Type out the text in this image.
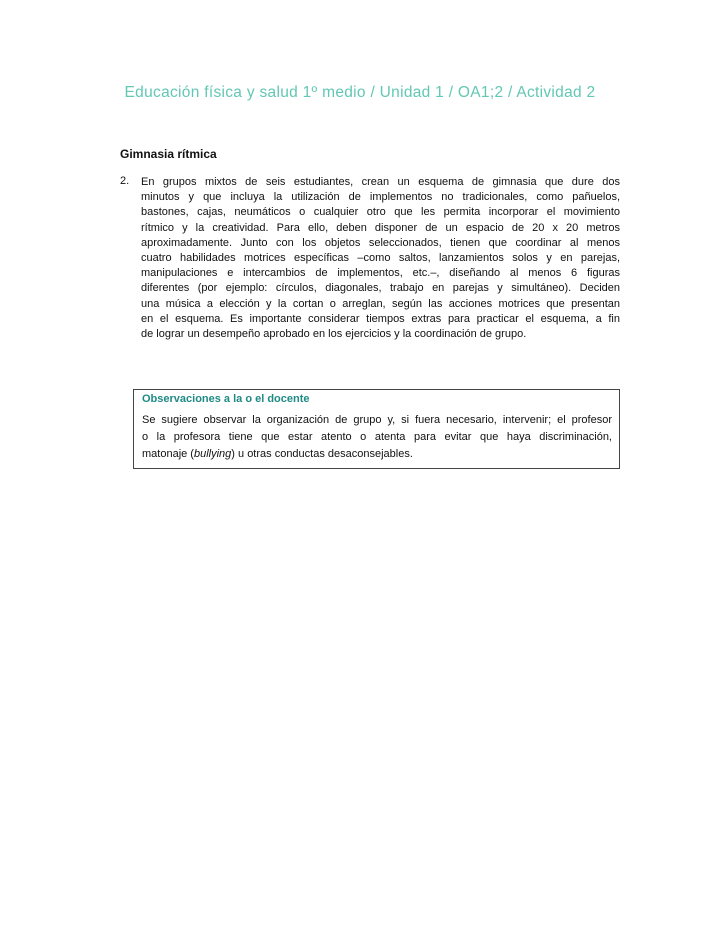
Educación física y salud 1º medio / Unidad 1 / OA1;2 / Actividad 2
Gimnasia rítmica
2. En grupos mixtos de seis estudiantes, crean un esquema de gimnasia que dure dos
minutos y que incluya la utilización de implementos no tradicionales, como pañuelos,
bastones, cajas, neumáticos o cualquier otro que les permita incorporar el movimiento
rítmico y la creatividad. Para ello, deben disponer de un espacio de 20 x 20 metros
aproximadamente. Junto con los objetos seleccionados, tienen que coordinar al menos
cuatro habilidades motrices específicas –como saltos, lanzamientos solos y en parejas,
manipulaciones e intercambios de implementos, etc.–, diseñando al menos 6 figuras
diferentes (por ejemplo: círculos, diagonales, trabajo en parejas y simultáneo). Deciden
una música a elección y la cortan o arreglan, según las acciones motrices que presentan
en el esquema. Es importante considerar tiempos extras para practicar el esquema, a fin
de lograr un desempeño aprobado en los ejercicios y la coordinación de grupo.
Observaciones a la o el docente
Se sugiere observar la organización de grupo y, si fuera necesario, intervenir; el profesor
o la profesora tiene que estar atento o atenta para evitar que haya discriminación,
matonaje (bullying) u otras conductas desaconsejables.
